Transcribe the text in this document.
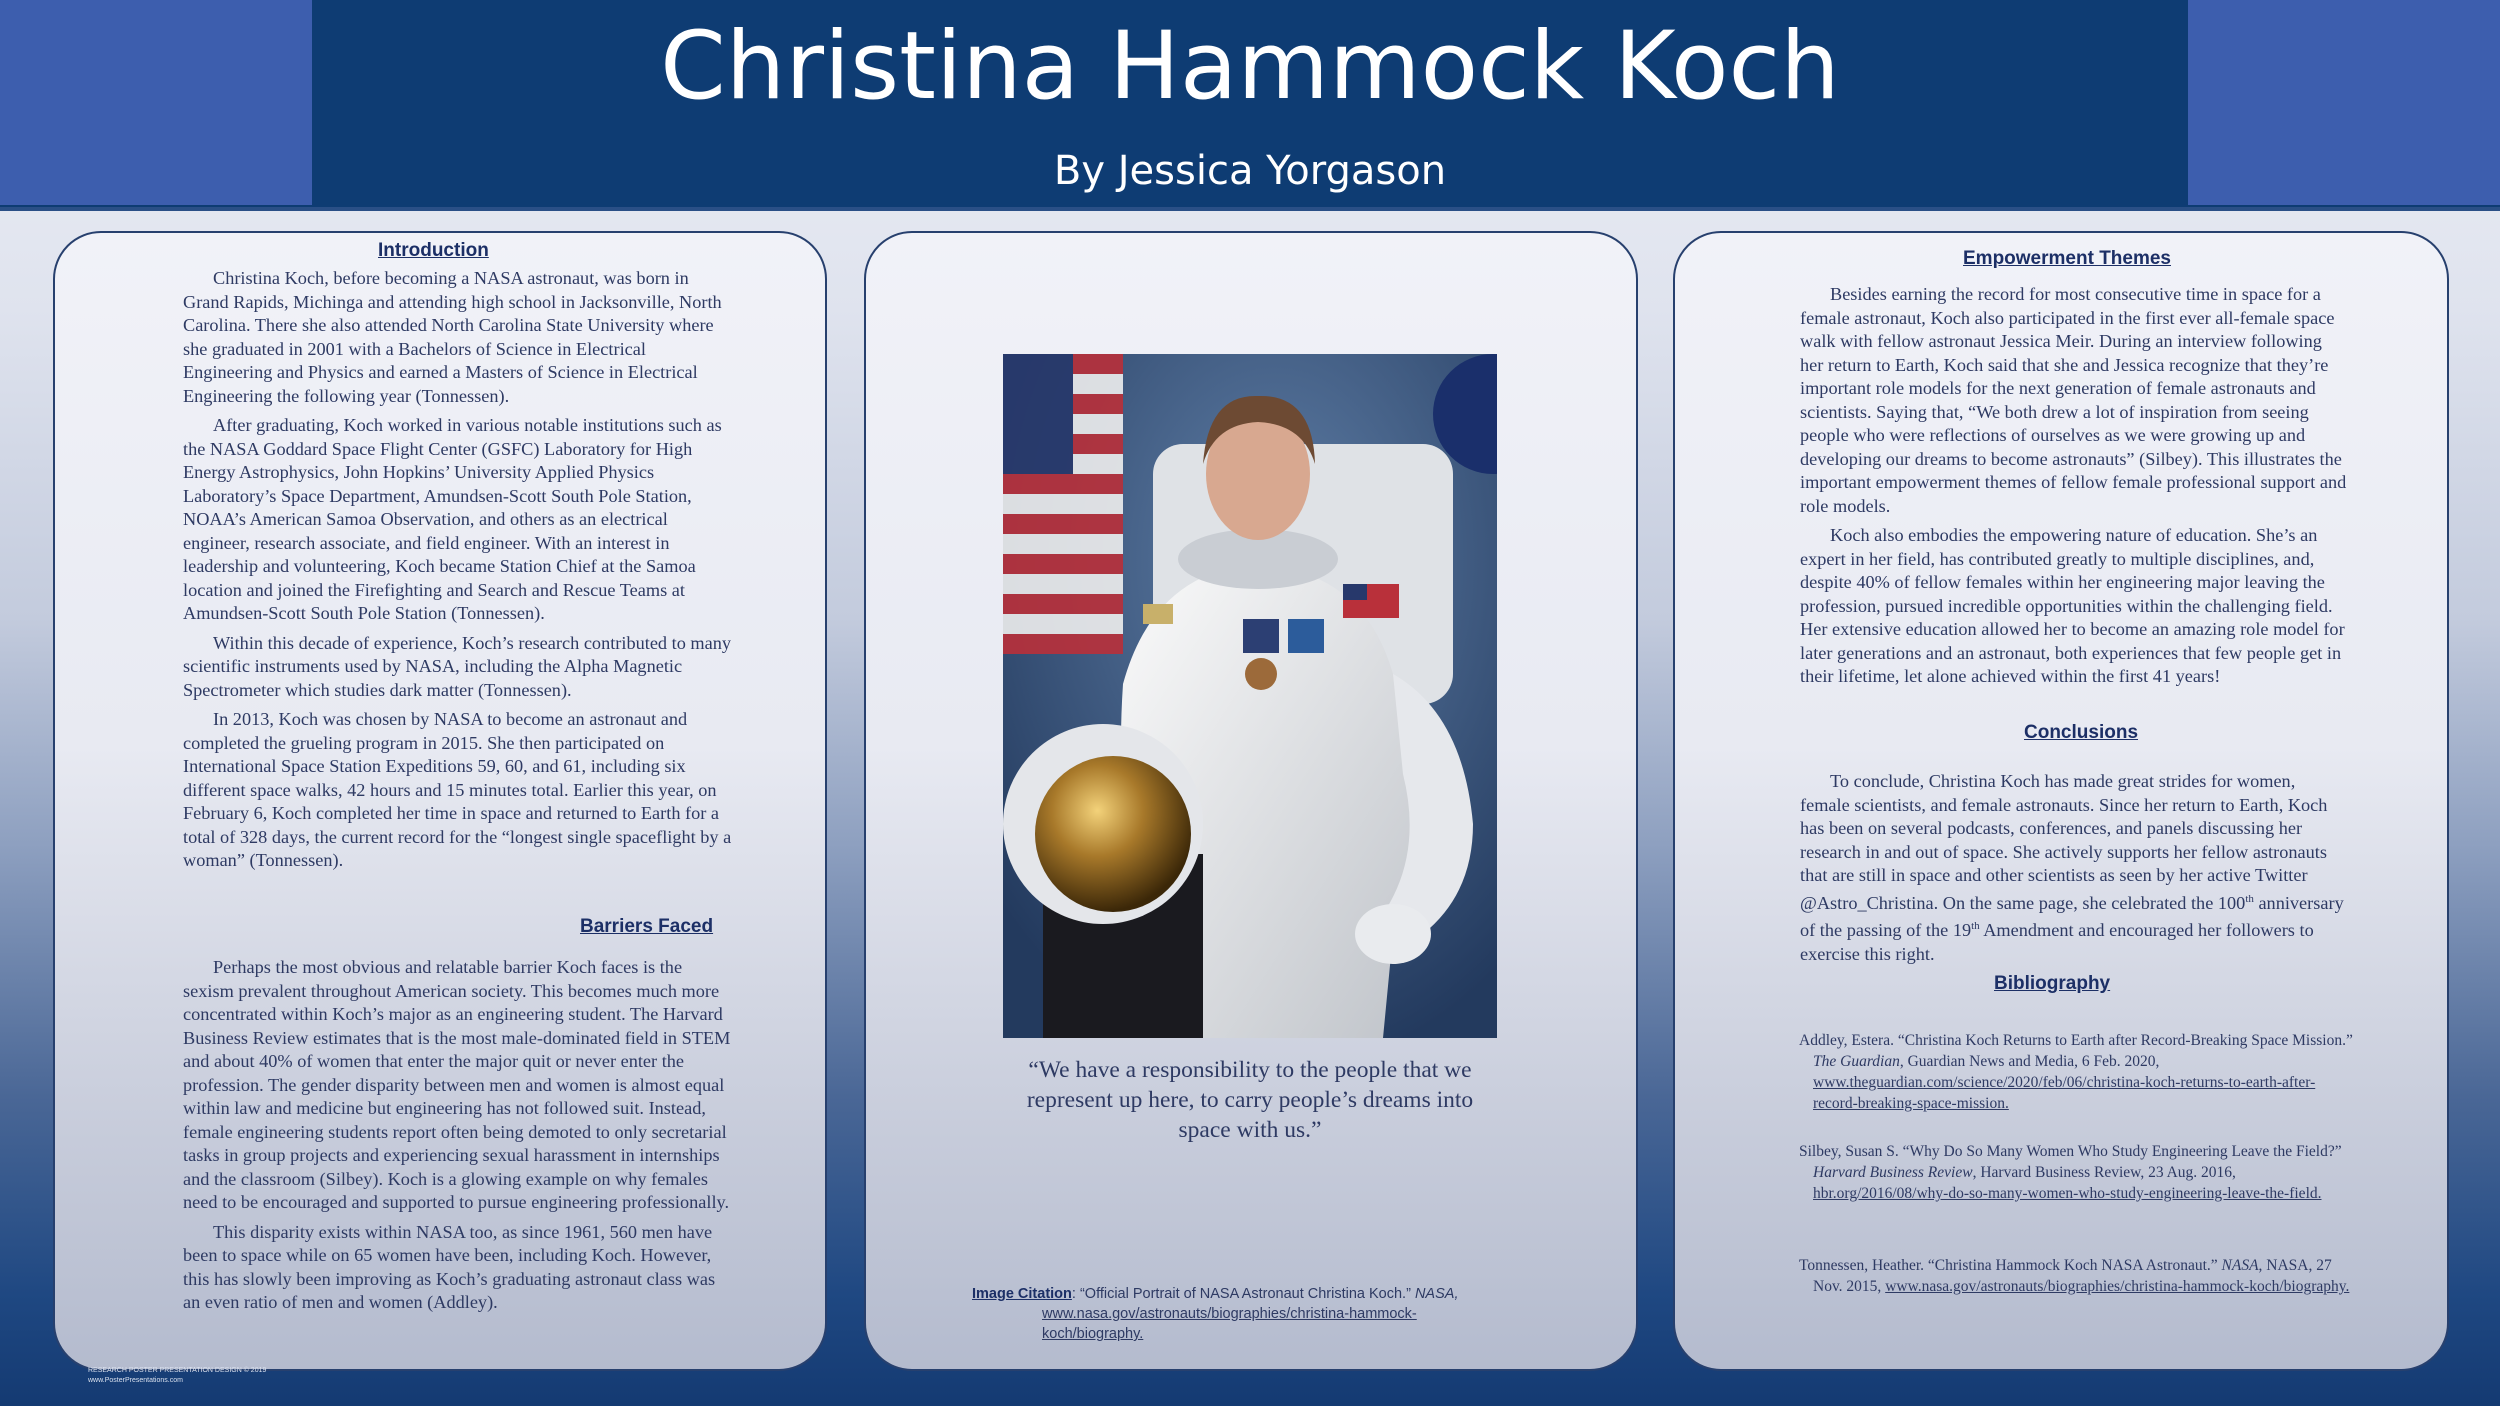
Christina Hammock Koch
By Jessica Yorgason
Introduction

Christina Koch, before becoming a NASA astronaut, was born in Grand Rapids, Michinga and attending high school in Jacksonville, North Carolina. There she also attended North Carolina State University where she graduated in 2001 with a Bachelors of Science in Electrical Engineering and Physics and earned a Masters of Science in Electrical Engineering the following year (Tonnessen).

After graduating, Koch worked in various notable institutions such as the NASA Goddard Space Flight Center (GSFC) Laboratory for High Energy Astrophysics, John Hopkins’ University Applied Physics Laboratory’s Space Department, Amundsen-Scott South Pole Station, NOAA’s American Samoa Observation, and others as an electrical engineer, research associate, and field engineer. With an interest in leadership and volunteering, Koch became Station Chief at the Samoa location and joined the Firefighting and Search and Rescue Teams at Amundsen-Scott South Pole Station (Tonnessen).

Within this decade of experience, Koch’s research contributed to many scientific instruments used by NASA, including the Alpha Magnetic Spectrometer which studies dark matter (Tonnessen).

In 2013, Koch was chosen by NASA to become an astronaut and completed the grueling program in 2015. She then participated on International Space Station Expeditions 59, 60, and 61, including six different space walks, 42 hours and 15 minutes total. Earlier this year, on February 6, Koch completed her time in space and returned to Earth for a total of 328 days, the current record for the “longest single spaceflight by a woman” (Tonnessen).

Barriers Faced

Perhaps the most obvious and relatable barrier Koch faces is the sexism prevalent throughout American society. This becomes much more concentrated within Koch’s major as an engineering student. The Harvard Business Review estimates that is the most male-dominated field in STEM and about 40% of women that enter the major quit or never enter the profession. The gender disparity between men and women is almost equal within law and medicine but engineering has not followed suit. Instead, female engineering students report often being demoted to only secretarial tasks in group projects and experiencing sexual harassment in internships and the classroom (Silbey). Koch is a glowing example on why females need to be encouraged and supported to pursue engineering professionally.

This disparity exists within NASA too, as since 1961, 560 men have been to space while on 65 women have been, including Koch. However, this has slowly been improving as Koch’s graduating astronaut class was an even ratio of men and women (Addley).

“We have a responsibility to the people that we represent up here, to carry people’s dreams into space with us.”
Image Citation: “Official Portrait of NASA Astronaut Christina Koch.” NASA,
www.nasa.gov/astronauts/biographies/christina-hammock-koch/biography.
Empowerment Themes

Besides earning the record for most consecutive time in space for a female astronaut, Koch also participated in the first ever all-female space walk with fellow astronaut Jessica Meir. During an interview following her return to Earth, Koch said that she and Jessica recognize that they’re important role models for the next generation of female astronauts and scientists. Saying that, “We both drew a lot of inspiration from seeing people who were reflections of ourselves as we were growing up and developing our dreams to become astronauts” (Silbey). This illustrates the important empowerment themes of fellow female professional support and role models.

Koch also embodies the empowering nature of education. She’s an expert in her field, has contributed greatly to multiple disciplines, and, despite 40% of fellow females within her engineering major leaving the profession, pursued incredible opportunities within the challenging field. Her extensive education allowed her to become an amazing role model for later generations and an astronaut, both experiences that few people get in their lifetime, let alone achieved within the first 41 years!

Conclusions

To conclude, Christina Koch has made great strides for women, female scientists, and female astronauts. Since her return to Earth, Koch has been on several podcasts, conferences, and panels discussing her research in and out of space. She actively supports her fellow astronauts that are still in space and other scientists as seen by her active Twitter @Astro_Christina. On the same page, she celebrated the 100th anniversary of the passing of the 19th Amendment and encouraged her followers to exercise this right.

Bibliography
Addley, Estera. “Christina Koch Returns to Earth after Record-Breaking Space Mission.” The Guardian, Guardian News and Media, 6 Feb. 2020, www.theguardian.com/science/2020/feb/06/christina-koch-returns-to-earth-after-record-breaking-space-mission.
Silbey, Susan S. “Why Do So Many Women Who Study Engineering Leave the Field?” Harvard Business Review, Harvard Business Review, 23 Aug. 2016, hbr.org/2016/08/why-do-so-many-women-who-study-engineering-leave-the-field.
Tonnessen, Heather. “Christina Hammock Koch NASA Astronaut.” NASA, NASA, 27 Nov. 2015, www.nasa.gov/astronauts/biographies/christina-hammock-koch/biography.
RESEARCH POSTER PRESENTATION DESIGN © 2019
www.PosterPresentations.com
